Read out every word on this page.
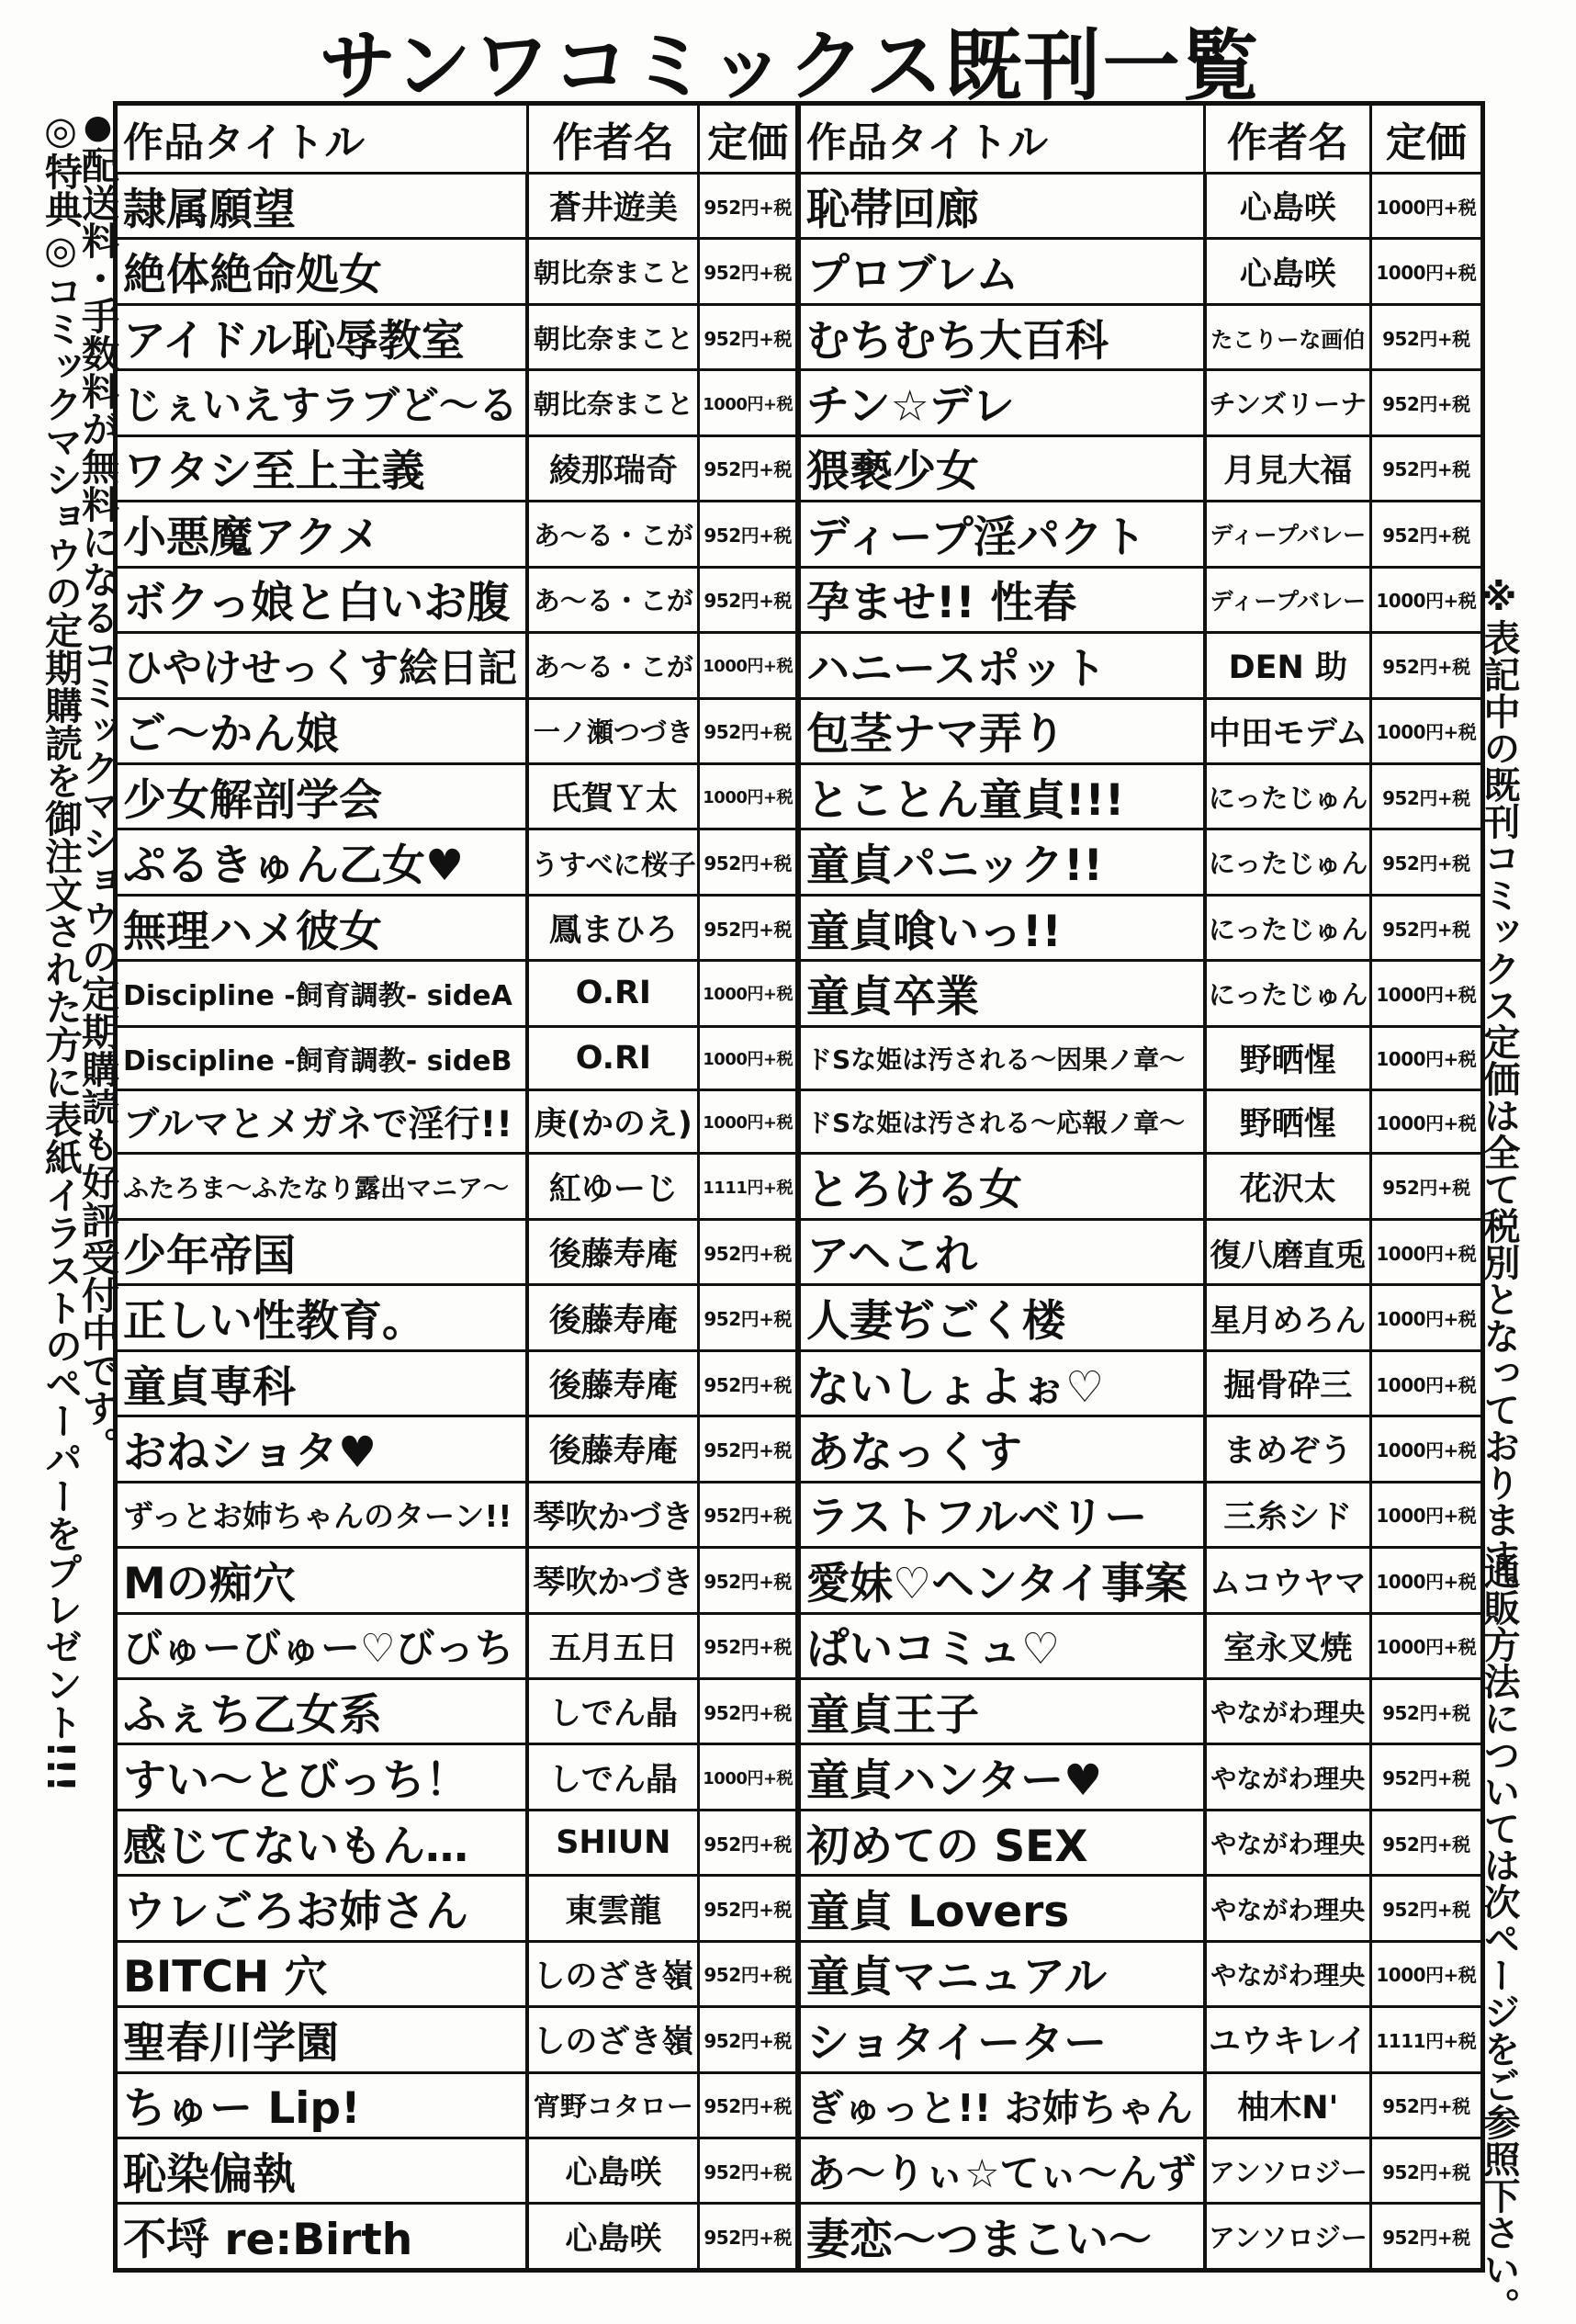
サンワコミックス既刊一覧
●配送料・手数料が無料になるコミックマショウの定期購読も好評受付中です。
◎特典◎コミックマショウの定期購読を御注文された方に表紙イラストのペーパーをプレゼント!!!	※表記中の既刊コミックス定価は全て税別となっております。
通販方法については次ページをご参照下さい。
作品タイトル	作者名	定価	作品タイトル	作者名	定価
隷属願望	蒼井遊美	952円+税	恥帯回廊	心島咲	1000円+税
絶体絶命処女	朝比奈まこと	952円+税	プロブレム	心島咲	1000円+税
アイドル恥辱教室	朝比奈まこと	952円+税	むちむち大百科	たこりーな画伯	952円+税
じぇいえすラブど〜る	朝比奈まこと	1000円+税	チン☆デレ	チンズリーナ	952円+税
ワタシ至上主義	綾那瑞奇	952円+税	猥褻少女	月見大福	952円+税
小悪魔アクメ	あ〜る・こが	952円+税	ディープ淫パクト	ディープバレー	952円+税
ボクっ娘と白いお腹	あ〜る・こが	952円+税	孕ませ!! 性春	ディープバレー	1000円+税
ひやけせっくす絵日記	あ〜る・こが	1000円+税	ハニースポット	DEN 助	952円+税
ご〜かん娘	一ノ瀬つづき	952円+税	包茎ナマ弄り	中田モデム	1000円+税
少女解剖学会	氏賀Ｙ太	1000円+税	とことん童貞!!!	にったじゅん	952円+税
ぷるきゅん乙女♥	うすべに桜子	952円+税	童貞パニック!!	にったじゅん	952円+税
無理ハメ彼女	鳳まひろ	952円+税	童貞喰いっ!!	にったじゅん	952円+税
Discipline -飼育調教- sideA	O.RI	1000円+税	童貞卒業	にったじゅん	1000円+税
Discipline -飼育調教- sideB	O.RI	1000円+税	ドSな姫は汚される〜因果ノ章〜	野晒惺	1000円+税
ブルマとメガネで淫行!!	庚(かのえ)	1000円+税	ドSな姫は汚される〜応報ノ章〜	野晒惺	1000円+税
ふたろま〜ふたなり露出マニア〜	紅ゆーじ	1111円+税	とろける女	花沢太	952円+税
少年帝国	後藤寿庵	952円+税	アヘこれ	復八磨直兎	1000円+税
正しい性教育。	後藤寿庵	952円+税	人妻ぢごく楼	星月めろん	1000円+税
童貞専科	後藤寿庵	952円+税	ないしょよぉ♡	掘骨砕三	1000円+税
おねショタ♥	後藤寿庵	952円+税	あなっくす	まめぞう	1000円+税
ずっとお姉ちゃんのターン!!	琴吹かづき	952円+税	ラストフルベリー	三糸シド	1000円+税
Mの痴穴	琴吹かづき	952円+税	愛妹♡ヘンタイ事案	ムコウヤマ	1000円+税
びゅーびゅー♡びっち	五月五日	952円+税	ぱいコミュ♡	室永叉焼	1000円+税
ふぇち乙女系	しでん晶	952円+税	童貞王子	やながわ理央	952円+税
すい〜とびっち！	しでん晶	1000円+税	童貞ハンター♥	やながわ理央	952円+税
感じてないもん…	SHIUN	952円+税	初めての SEX	やながわ理央	952円+税
ウレごろお姉さん	東雲龍	952円+税	童貞 Lovers	やながわ理央	952円+税
BITCH 穴	しのざき嶺	952円+税	童貞マニュアル	やながわ理央	1000円+税
聖春川学園	しのざき嶺	952円+税	ショタイーター	ユウキレイ	1111円+税
ちゅー Lip!	宵野コタロー	952円+税	ぎゅっと!! お姉ちゃん	柚木N'	952円+税
恥染偏執	心島咲	952円+税	あ〜りぃ☆てぃ〜んず	アンソロジー	952円+税
不埒 re:Birth	心島咲	952円+税	妻恋〜つまこい〜	アンソロジー	952円+税
